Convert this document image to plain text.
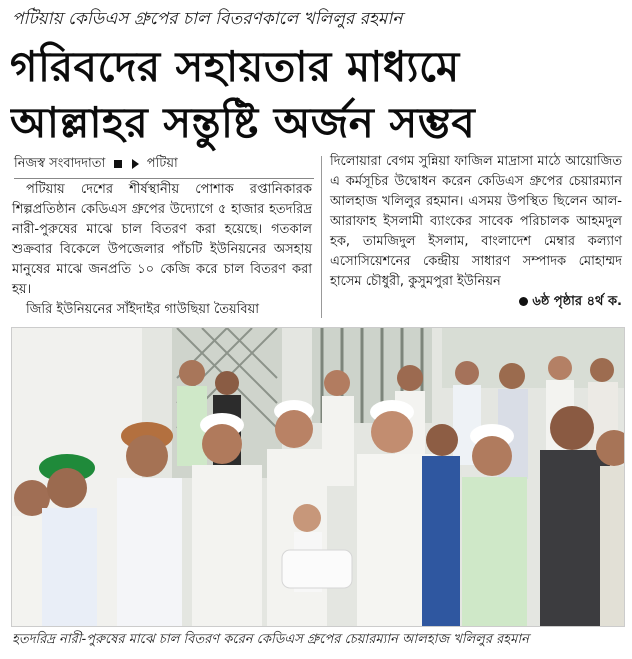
পটিয়ায় কেডিএস গ্রুপের চাল বিতরণকালে খলিলুর রহমান
গরিবদের সহায়তার মাধ্যমে
আল্লাহর সন্তুষ্টি অর্জন সম্ভব
নিজস্ব সংবাদদাতা	পটিয়া

পটিয়ায় দেশের শীর্ষস্থানীয় পোশাক রপ্তানিকারক শিল্পপ্রতিষ্ঠান কেডিএস গ্রুপের উদ্যোগে ৫ হাজার হতদরিদ্র নারী-পুরুষের মাঝে চাল বিতরণ করা হয়েছে। গতকাল শুক্রবার বিকেলে উপজেলার পাঁচটি ইউনিয়নের অসহায় মানুষের মাঝে জনপ্রতি ১০ কেজি করে চাল বিতরণ করা হয়।

জিরি ইউনিয়নের সাঁইদাইর গাউছিয়া তৈয়বিয়া

দিলোয়ারা বেগম সুন্নিয়া ফাজিল মাদ্রাসা মাঠে আয়োজিত এ কর্মসূচির উদ্বোধন করেন কেডিএস গ্রুপের চেয়ারম্যান আলহাজ খলিলুর রহমান। এসময় উপস্থিত ছিলেন আল-আরাফাহ ইসলামী ব্যাংকের সাবেক পরিচালক আহমদুল হক, তামজিদুল ইসলাম, বাংলাদেশ মেম্বার কল্যাণ এসোসিয়েশনের কেন্দ্রীয় সাধারণ সম্পাদক মোহাম্মদ হাসেম চৌধুরী, কুসুমপুরা ইউনিয়ন

৬ষ্ঠ পৃষ্ঠার ৪র্থ ক.
হতদরিদ্র নারী-পুরুষের মাঝে চাল বিতরণ করেন কেডিএস গ্রুপের চেয়ারম্যান আলহাজ খলিলুর রহমান
